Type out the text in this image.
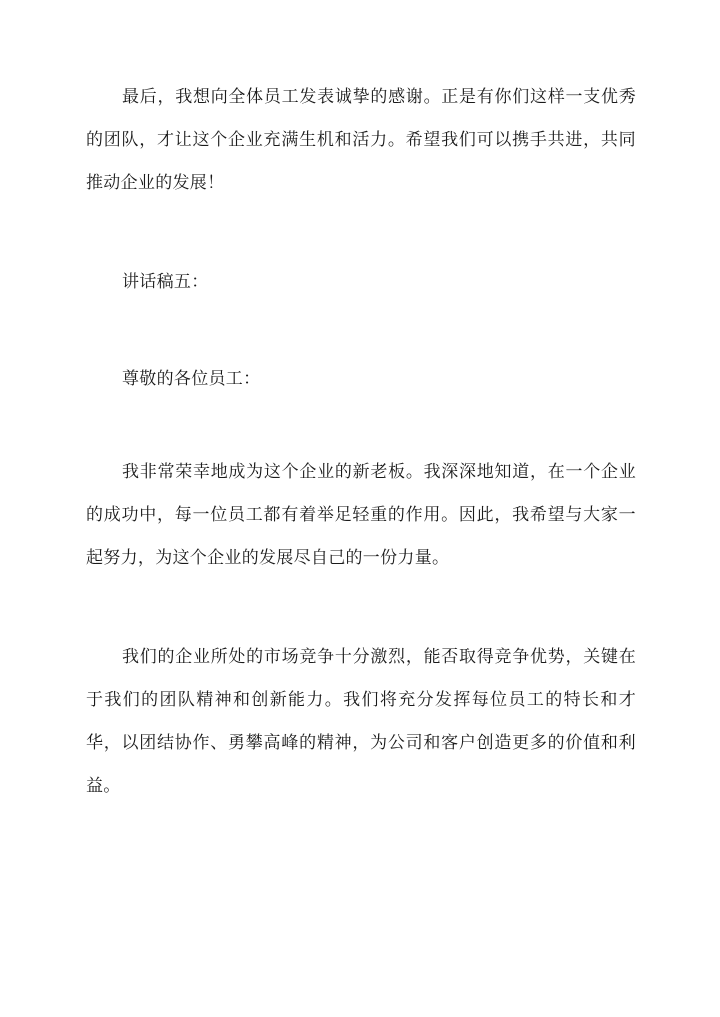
最后，我想向全体员工发表诚挚的感谢。正是有你们这样一支优秀的团队，才让这个企业充满生机和活力。希望我们可以携手共进，共同推动企业的发展！

讲话稿五：

尊敬的各位员工：

我非常荣幸地成为这个企业的新老板。我深深地知道，在一个企业的成功中，每一位员工都有着举足轻重的作用。因此，我希望与大家一起努力，为这个企业的发展尽自己的一份力量。

我们的企业所处的市场竞争十分激烈，能否取得竞争优势，关键在于我们的团队精神和创新能力。我们将充分发挥每位员工的特长和才华，以团结协作、勇攀高峰的精神，为公司和客户创造更多的价值和利益。
